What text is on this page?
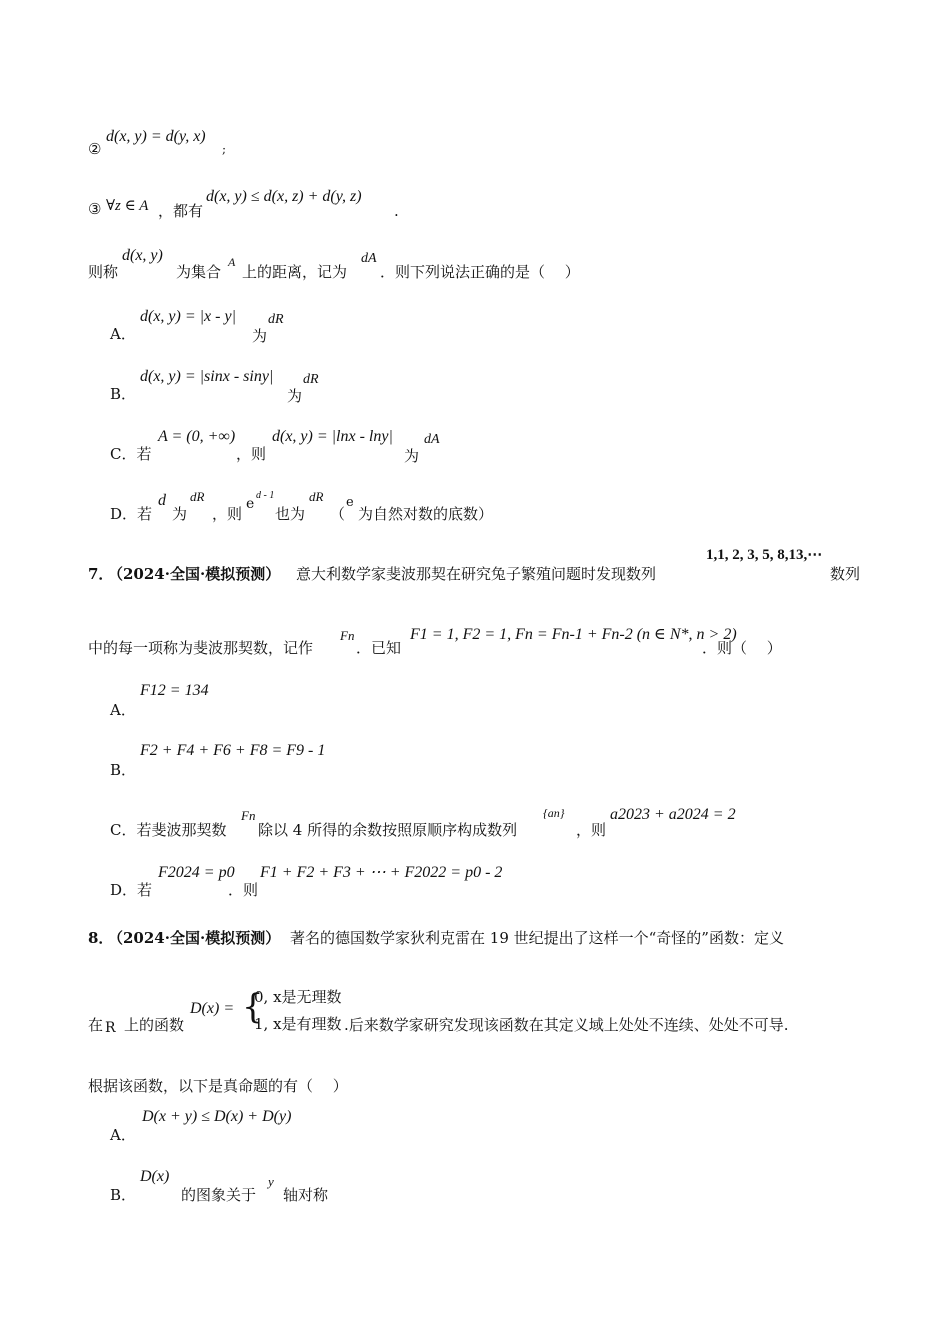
②
d(x, y) = d(y, x)
;
③ ∀z ∈ A ，都有
d(x, y) ≤ d(x, z) + d(y, z)
.
则称
d(x, y)
为集合
A
上的距离，记为
dA
．则下列说法正确的是（　 ）
A．
d(x, y) = |x - y|
为
dR
B．
d(x, y) = |sinx - siny|
为
dR
C．若
A = (0, +∞)
，则
d(x, y) = |lnx - lny|
为
dA
D．若
d
为
dR
，则
e
d - 1
也为
dR
（
e
为自然对数的底数）
7．
（2024·全国·模拟预测） 意大利数学家斐波那契在研究兔子繁殖问题时发现数列
1,1, 2, 3, 5, 8,13,⋯
数列
中的每一项称为斐波那契数，记作
Fn
．已知
F1 = 1, F2 = 1, Fn = Fn-1 + Fn-2 (n ∈ N*, n > 2)
．则（　 ）
A．
F12 = 134
B．
F2 + F4 + F6 + F8 = F9 - 1
C．若斐波那契数
Fn
除以 4 所得的余数按照原顺序构成数列
{an}
，则
a2023 + a2024 = 2
D．若
F2024 = p0
．则
F1 + F2 + F3 + ⋯ + F2022 = p0 - 2
8．
（2024·全国·模拟预测） 著名的德国数学家狄利克雷在 19 世纪提出了这样一个“奇怪的”函数：定义
在 R 上的函数
D(x) = {
0, x是无理数
1, x是有理数 .后来数学家研究发现该函数在其定义域上处处不连续、处处不可导.
根据该函数，以下是真命题的有（　 ）
A．
D(x + y) ≤ D(x) + D(y)
B．
D(x)
的图象关于
y
轴对称
